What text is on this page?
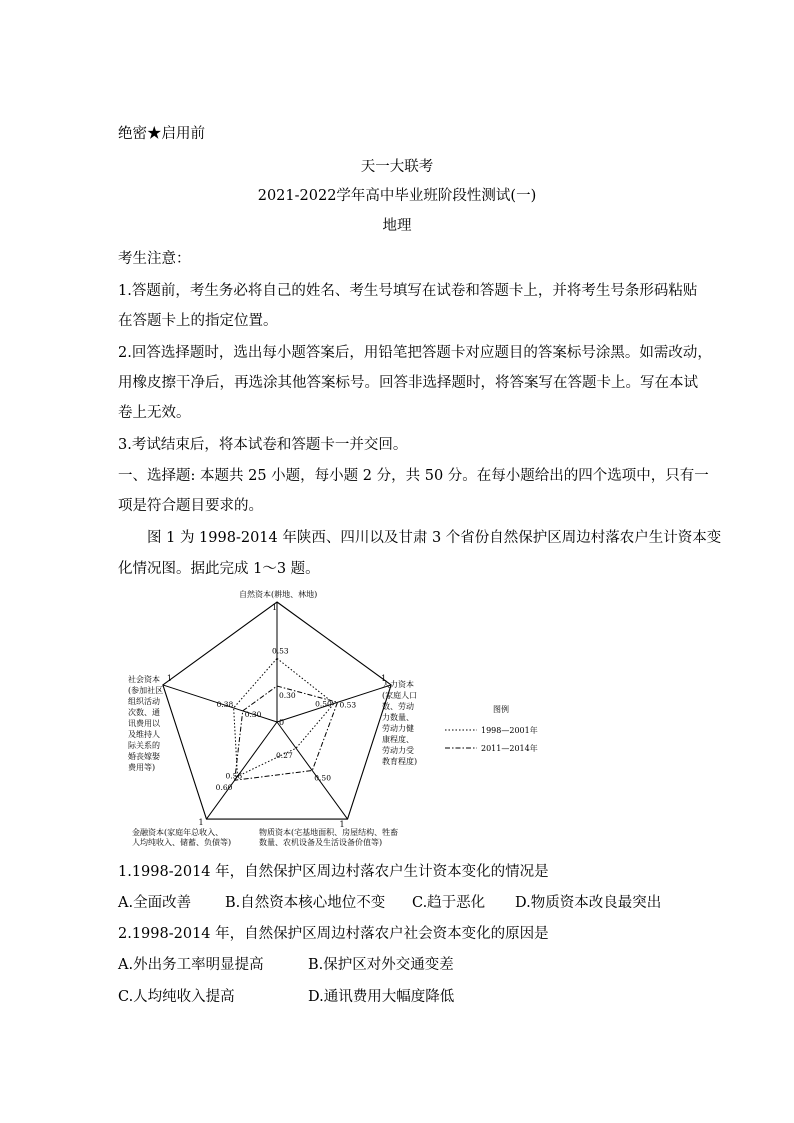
绝密★启用前
天一大联考
2021-2022学年高中毕业班阶段性测试(一)
地理
考生注意：
1.答题前，考生务必将自己的姓名、考生号填写在试卷和答题卡上，并将考生号条形码粘贴
在答题卡上的指定位置。
2.回答选择题时，选出每小题答案后，用铅笔把答题卡对应题目的答案标号涂黑。如需改动，
用橡皮擦干净后，再选涂其他答案标号。回答非选择题时，将答案写在答题卡上。写在本试
卷上无效。
3.考试结束后，将本试卷和答题卡一并交回。
一、选择题: 本题共 25 小题，每小题 2 分，共 50 分。在每小题给出的四个选项中，只有一
项是符合题目要求的。
图 1 为 1998-2014 年陕西、四川以及甘肃 3 个省份自然保护区周边村落农户生计资本变
化情况图。据此完成 1～3 题。
自然资本(耕地、林地)
人力资本(家庭人口数、劳动力数量、劳动力健康程度、劳动力受教育程度)
物质资本(宅基地面积、房屋结构、牲畜数量、农机设备及生活设备价值等)
金融资本(家庭年总收入、人均纯收入、储蓄、负债等)
社会资本(参加社区组织活动次数、通讯费用以及维持人际关系的婚丧嫁娶费用等)
0
1
1
1
1
1
0.53
0.50
0.27
0.56
0.38
0.30
0.53
0.50
0.60
0.30
图例
1998—2001年
2011—2014年
1.1998-2014 年，自然保护区周边村落农户生计资本变化的情况是
A.全面改善 B.自然资本核心地位不变 C.趋于恶化 D.物质资本改良最突出
2.1998-2014 年，自然保护区周边村落农户社会资本变化的原因是
A.外出务工率明显提高	B.保护区对外交通变差
C.人均纯收入提高	D.通讯费用大幅度降低
